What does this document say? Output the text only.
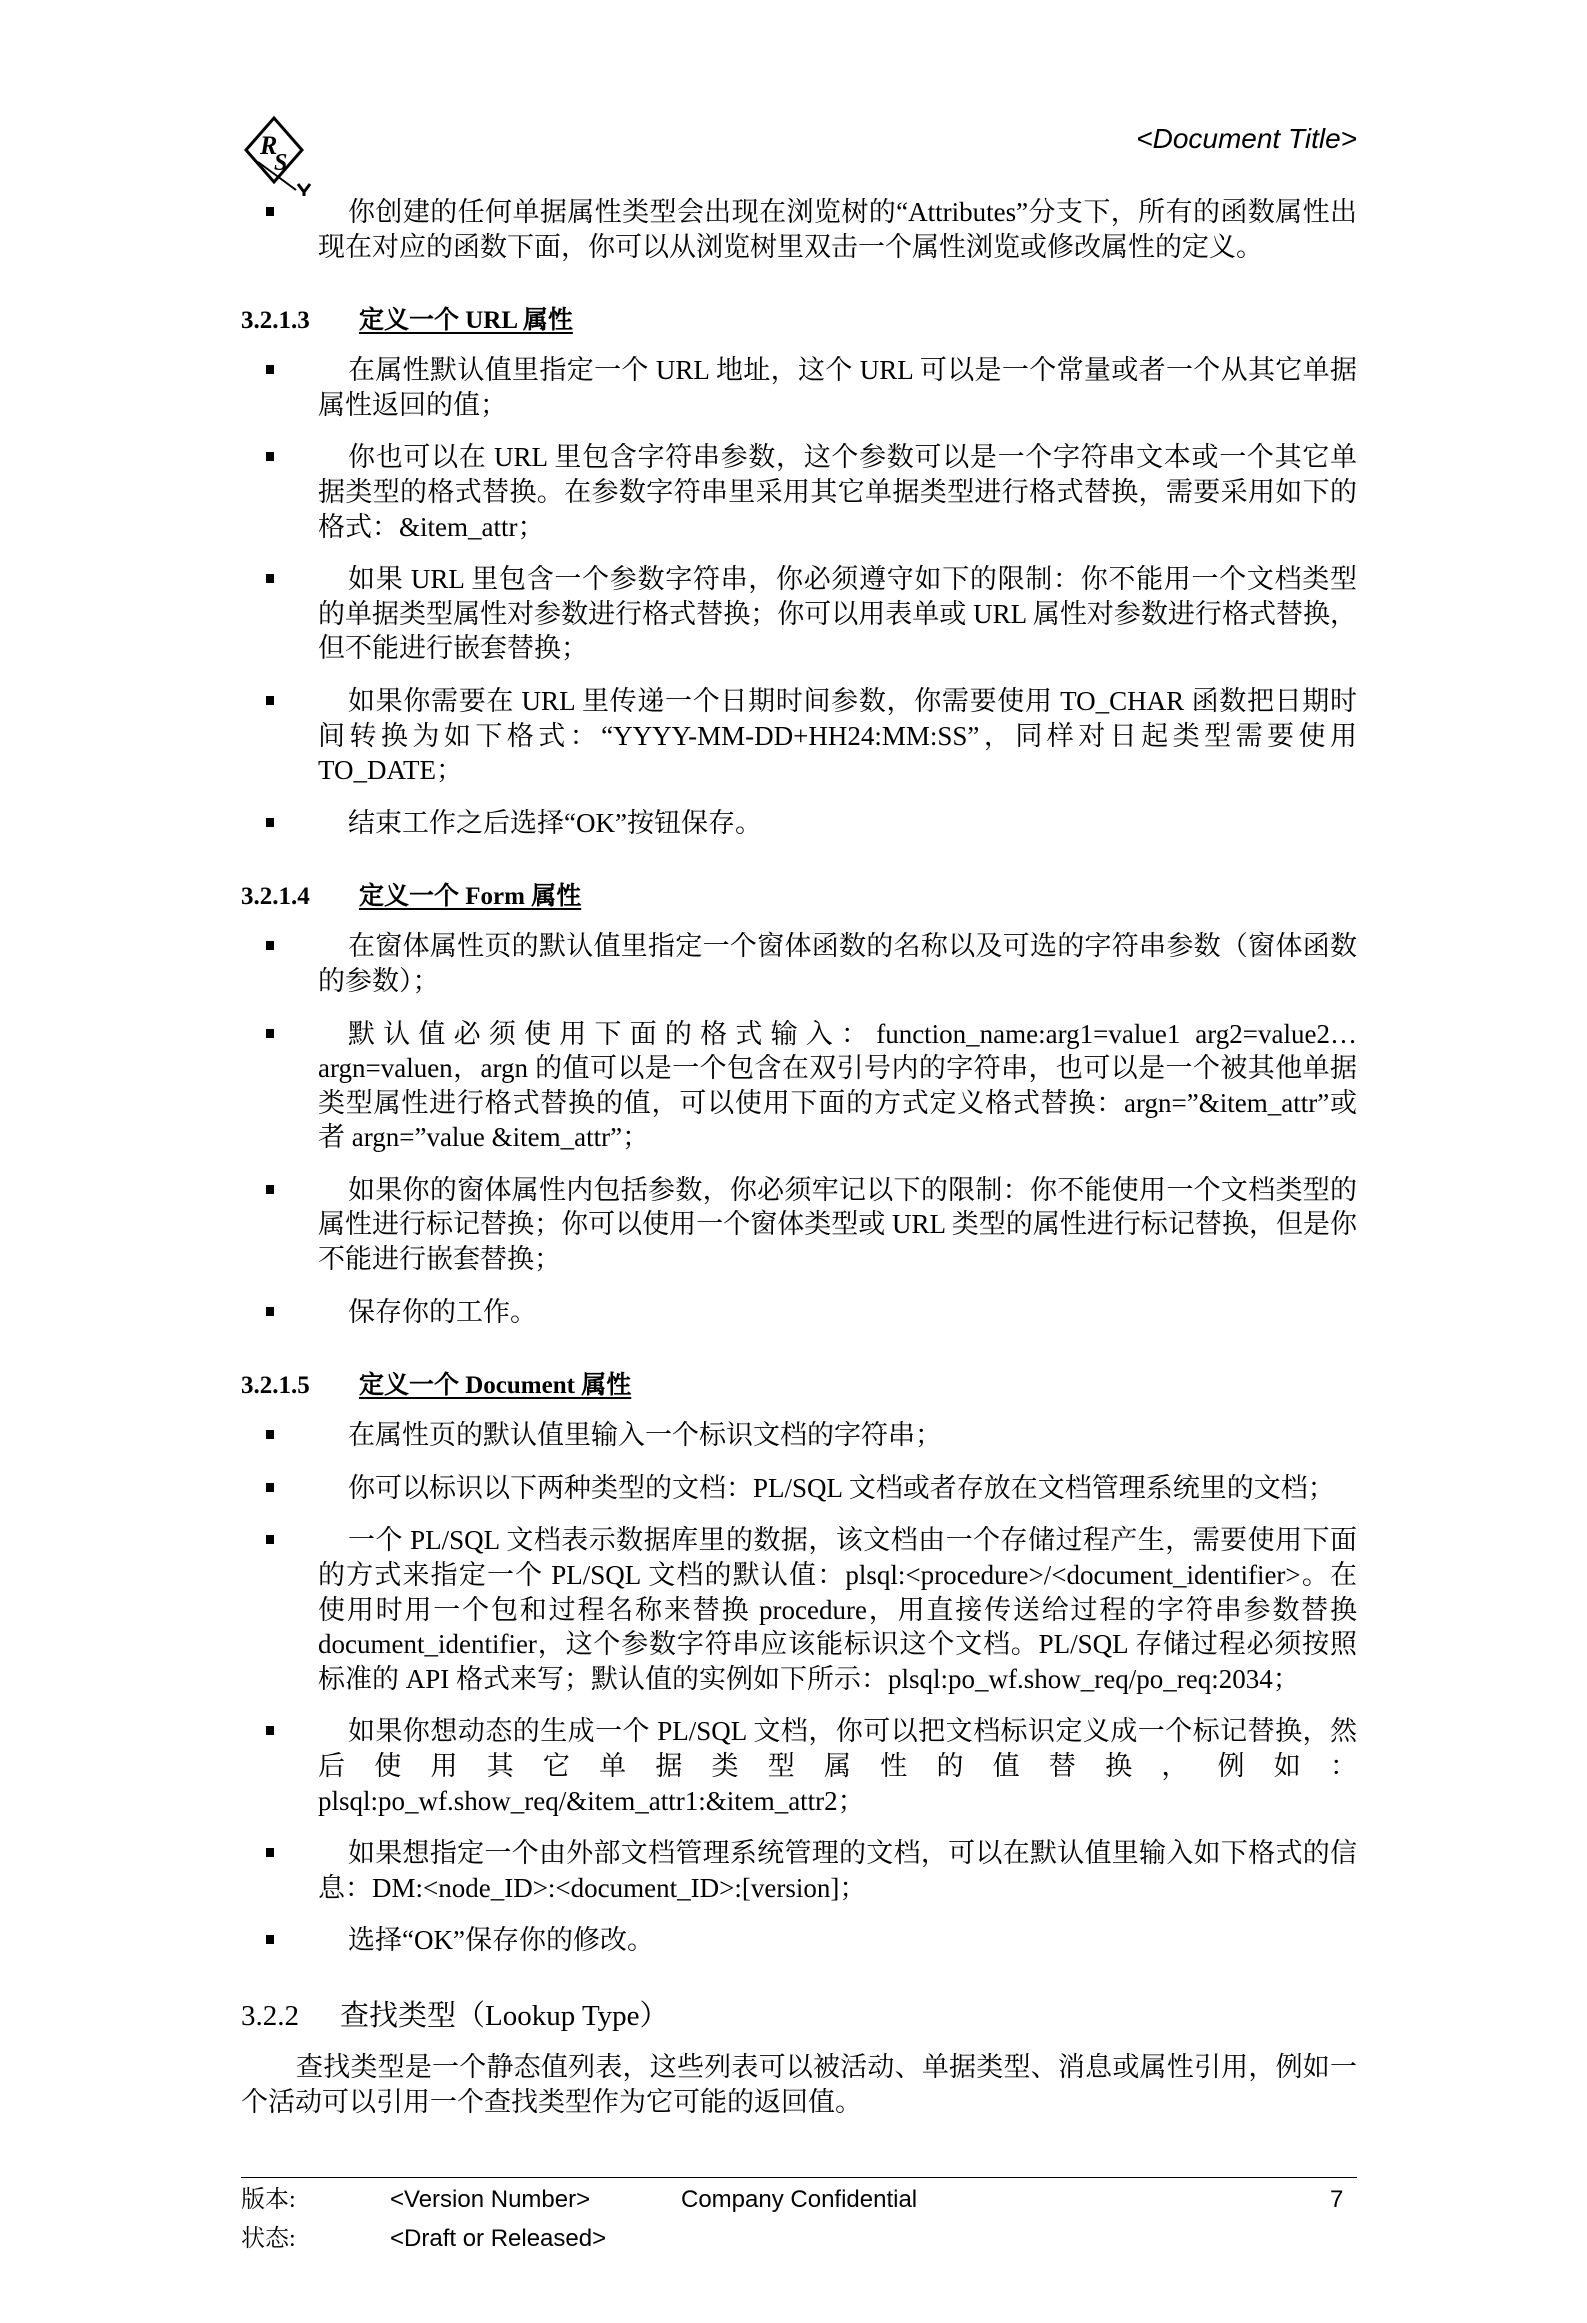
R
S
<Document Title>
你创建的任何单据属性类型会出现在浏览树的“Attributes”分支下，所有的函数属性出现在对应的函数下面，你可以从浏览树里双击一个属性浏览或修改属性的定义。
3.2.1.3 定义一个 URL 属性
在属性默认值里指定一个 URL 地址，这个 URL 可以是一个常量或者一个从其它单据属性返回的值；
你也可以在 URL 里包含字符串参数，这个参数可以是一个字符串文本或一个其它单据类型的格式替换。在参数字符串里采用其它单据类型进行格式替换，需要采用如下的格式：&item_attr；
如果 URL 里包含一个参数字符串，你必须遵守如下的限制：你不能用一个文档类型的单据类型属性对参数进行格式替换；你可以用表单或 URL 属性对参数进行格式替换，但不能进行嵌套替换；
如果你需要在 URL 里传递一个日期时间参数，你需要使用 TO_CHAR 函数把日期时间转换为如下格式：“YYYY-MM-DD+HH24:MM:SS”，同样对日起类型需要使用 TO_DATE；
结束工作之后选择“OK”按钮保存。
3.2.1.4 定义一个 Form 属性
在窗体属性页的默认值里指定一个窗体函数的名称以及可选的字符串参数（窗体函数的参数）；
默认值必须使用下面的格式输入：function_name:arg1=value1 arg2=value2…argn=valuen，argn 的值可以是一个包含在双引号内的字符串，也可以是一个被其他单据类型属性进行格式替换的值，可以使用下面的方式定义格式替换：argn=”&item_attr”或者 argn=”value &item_attr”；
如果你的窗体属性内包括参数，你必须牢记以下的限制：你不能使用一个文档类型的属性进行标记替换；你可以使用一个窗体类型或 URL 类型的属性进行标记替换，但是你不能进行嵌套替换；
保存你的工作。
3.2.1.5 定义一个 Document 属性
在属性页的默认值里输入一个标识文档的字符串；
你可以标识以下两种类型的文档：PL/SQL 文档或者存放在文档管理系统里的文档；
一个 PL/SQL 文档表示数据库里的数据，该文档由一个存储过程产生，需要使用下面的方式来指定一个 PL/SQL 文档的默认值：plsql:<procedure>/<document_identifier>。在使用时用一个包和过程名称来替换 procedure，用直接传送给过程的字符串参数替换 document_identifier，这个参数字符串应该能标识这个文档。PL/SQL 存储过程必须按照标准的 API 格式来写；默认值的实例如下所示：plsql:po_wf.show_req/po_req:2034；
如果你想动态的生成一个 PL/SQL 文档，你可以把文档标识定义成一个标记替换，然后使用其它单据类型属性的值替换，例如：plsql:po_wf.show_req/&item_attr1:&item_attr2；
如果想指定一个由外部文档管理系统管理的文档，可以在默认值里输入如下格式的信息：DM:<node_ID>:<document_ID>:[version]；
选择“OK”保存你的修改。
3.2.2 查找类型（Lookup Type）
查找类型是一个静态值列表，这些列表可以被活动、单据类型、消息或属性引用，例如一个活动可以引用一个查找类型作为它可能的返回值。
版本:	<Version Number>	Company Confidential	7
状态:	<Draft or Released>
